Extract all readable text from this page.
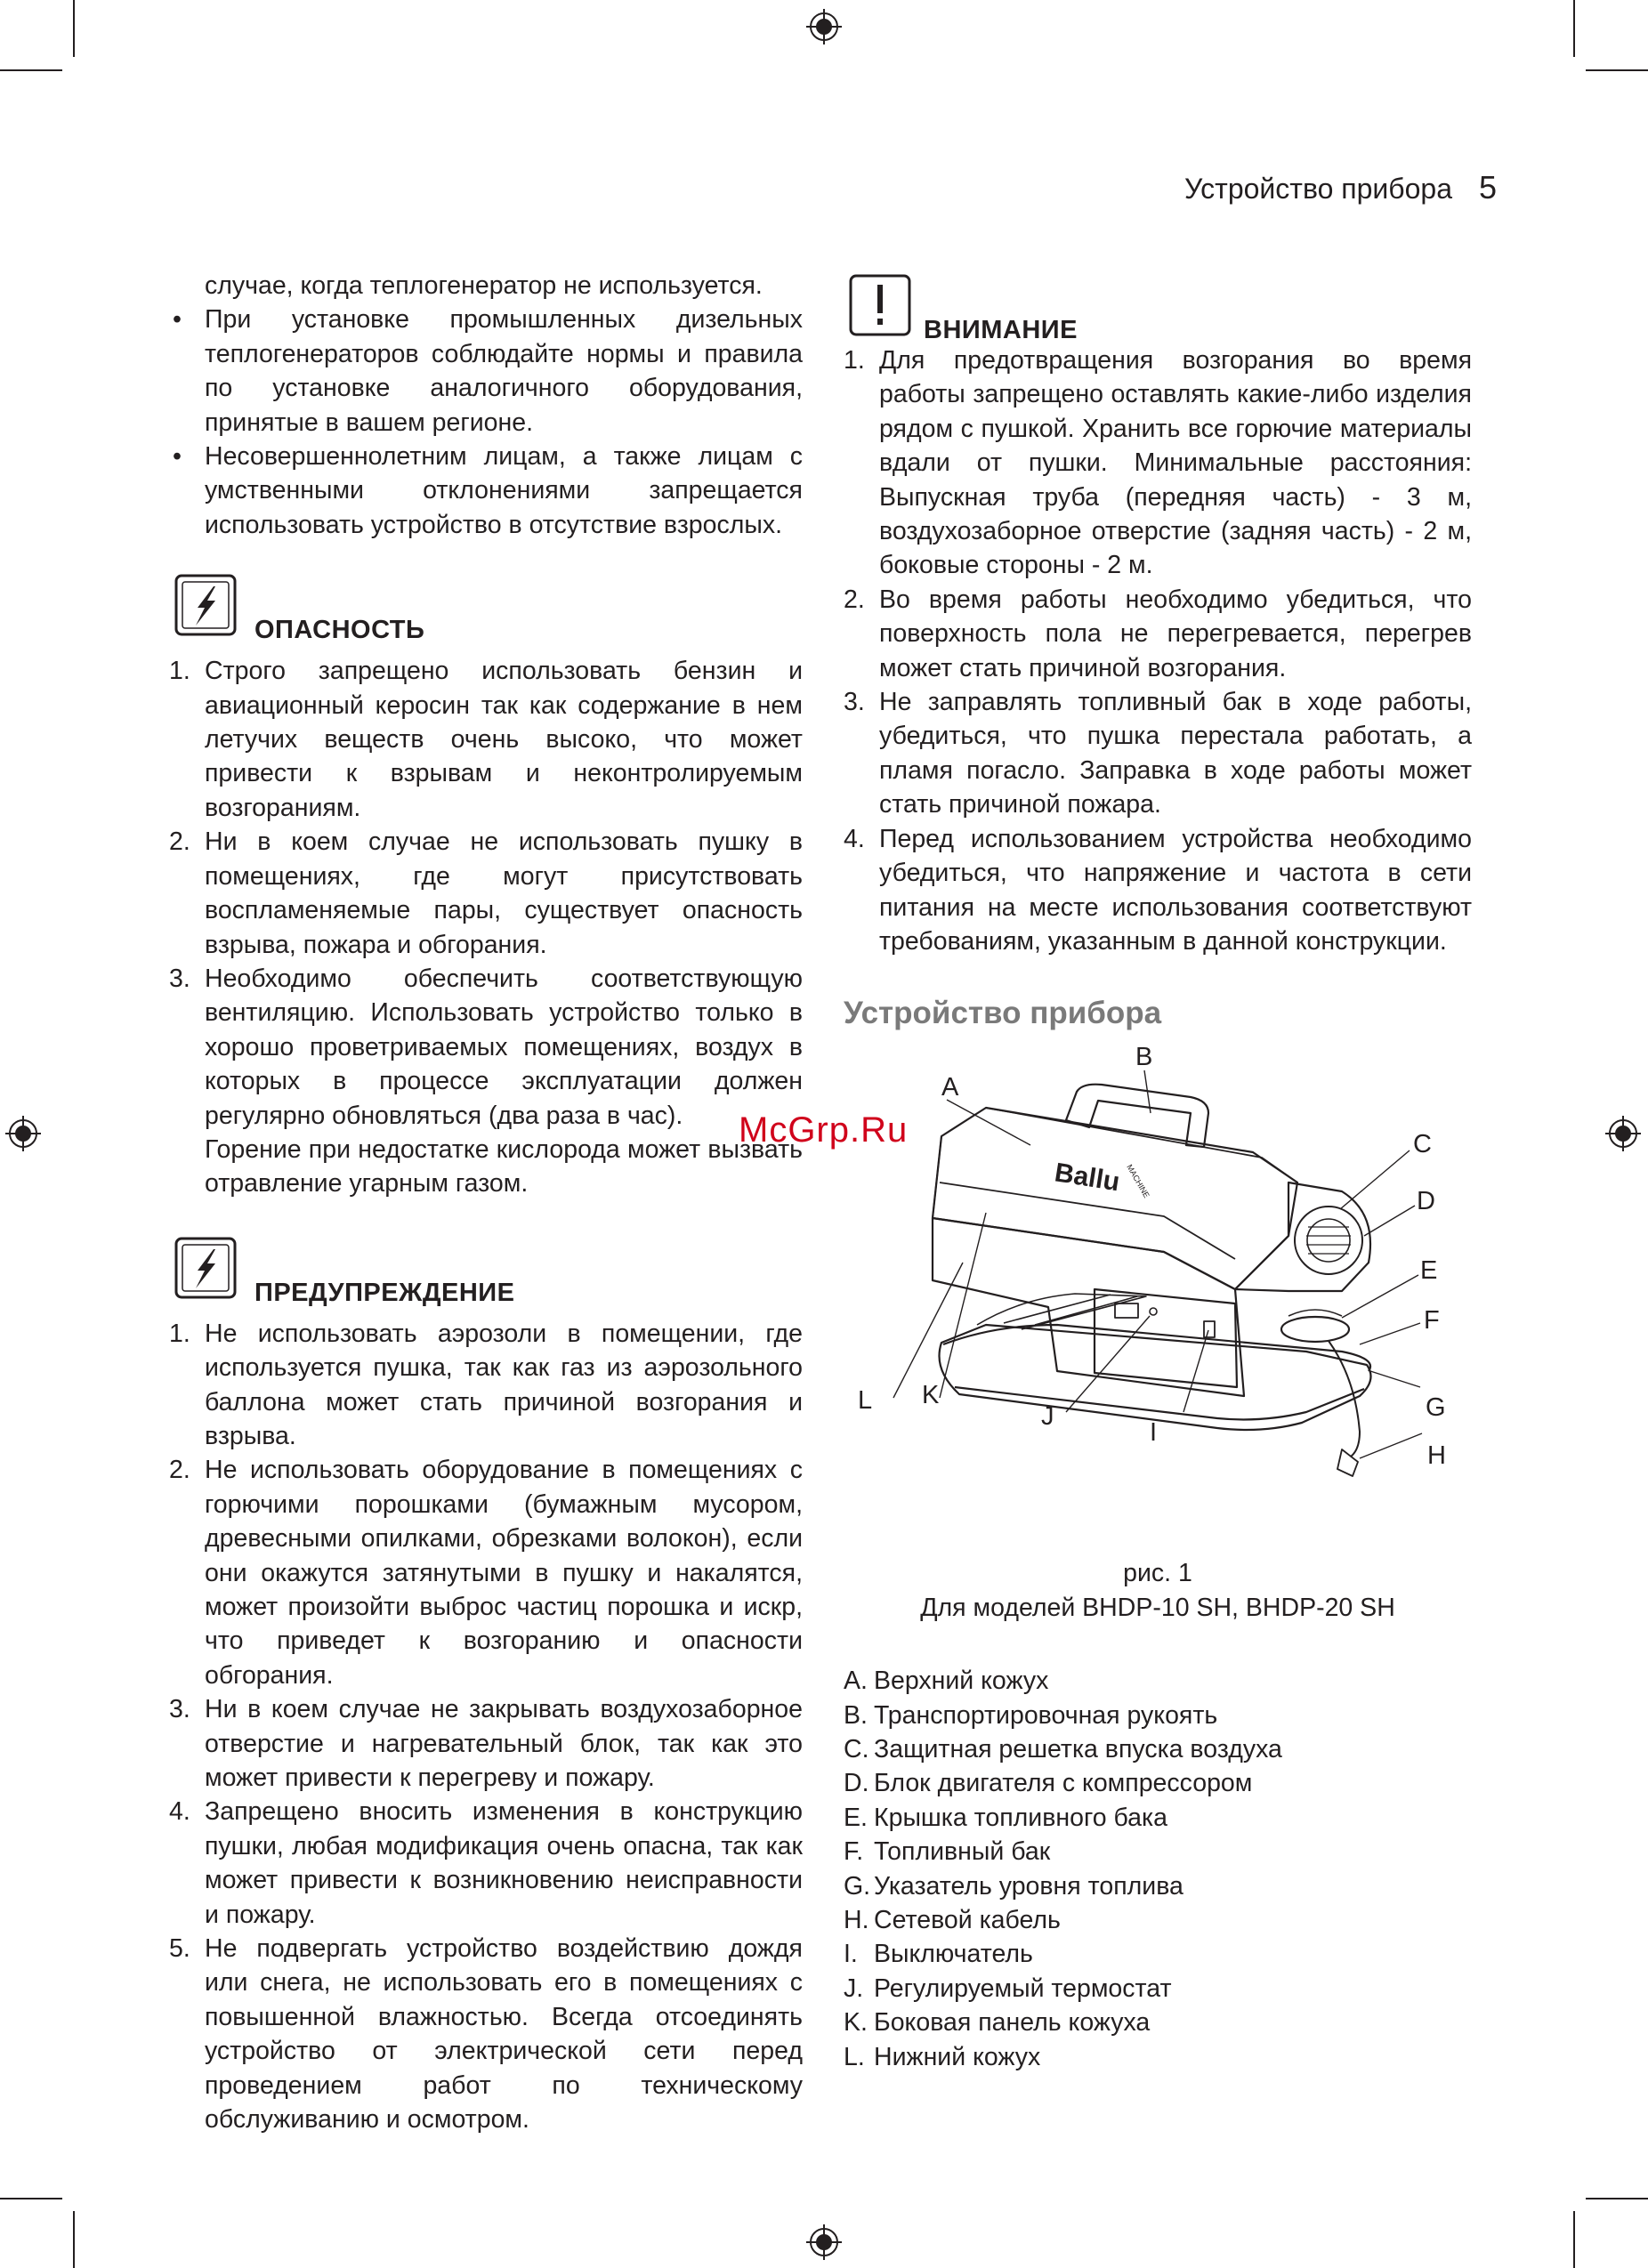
Устройство прибора 5

случае, когда теплогенератор не используется.

• При установке промышленных дизельных теплогенераторов соблюдайте нормы и правила по установке аналогичного оборудования, принятые в вашем регионе.
• Несовершеннолетним лицам, а также лицам с умственными отклонениями запрещается использовать устройство в отсутствие взрослых.
ОПАСНОСТЬ
1. Строго запрещено использовать бензин и авиационный керосин так как содержание в нем летучих веществ очень высоко, что может привести к взрывам и неконтролируемым возгораниям.
2. Ни в коем случае не использовать пушку в помещениях, где могут присутствовать воспламеняемые пары, существует опасность взрыва, пожара и обгорания.
3. Необходимо обеспечить соответствующую вентиляцию. Использовать устройство только в хорошо проветриваемых помещениях, воздух в которых в процессе эксплуатации должен регулярно обновляться (два раза в час).

Горение при недостатке кислорода может вызвать отравление угарным газом.

ПРЕДУПРЕЖДЕНИЕ
1. Не использовать аэрозоли в помещении, где используется пушка, так как газ из аэрозольного баллона может стать причиной возгорания и взрыва.
2. Не использовать оборудование в помещениях с горючими порошками (бумажным мусором, древесными опилками, обрезками волокон), если они окажутся затянутыми в пушку и накалятся, может произойти выброс частиц порошка и искр, что приведет к возгоранию и опасности обгорания.
3. Ни в коем случае не закрывать воздухозаборное отверстие и нагревательный блок, так как это может привести к перегреву и пожару.
4. Запрещено вносить изменения в конструкцию пушки, любая модификация очень опасна, так как может привести к возникновению неисправности и пожару.
5. Не подвергать устройство воздействию дождя или снега, не использовать его в помещениях с повышенной влажностью. Всегда отсоединять устройство от электрической сети перед проведением работ по техническому обслуживанию и осмотром.
ВНИМАНИЕ
1. Для предотвращения возгорания во время работы запрещено оставлять какие-либо изделия рядом с пушкой. Хранить все горючие материалы вдали от пушки. Минимальные расстояния: Выпускная труба (передняя часть) - 3 м, воздухозаборное отверстие (задняя часть) - 2 м, боковые стороны - 2 м.
2. Во время работы необходимо убедиться, что поверхность пола не перегревается, перегрев может стать причиной возгорания.
3. Не заправлять топливный бак в ходе работы, убедиться, что пушка перестала работать, а пламя погасло. Заправка в ходе работы может стать причиной пожара.
4. Перед использованием устройства необходимо убедиться, что напряжение и частота в сети питания на месте использования соответствуют требованиям, указанным в данной конструкции.
Устройство прибора
Ballu MACHINE
A
B
C
D
E
F
G
H
I
J
K
L
рис. 1
Для моделей BHDP-10 SH, BHDP-20 SH
A. Верхний кожух
B. Транспортировочная рукоять
C. Защитная решетка впуска воздуха
D. Блок двигателя с компрессором
E. Крышка топливного бака
F. Топливный бак
G. Указатель уровня топлива
H. Сетевой кабель
I. Выключатель
J. Регулируемый термостат
K. Боковая панель кожуха
L. Нижний кожух
McGrp.Ru
